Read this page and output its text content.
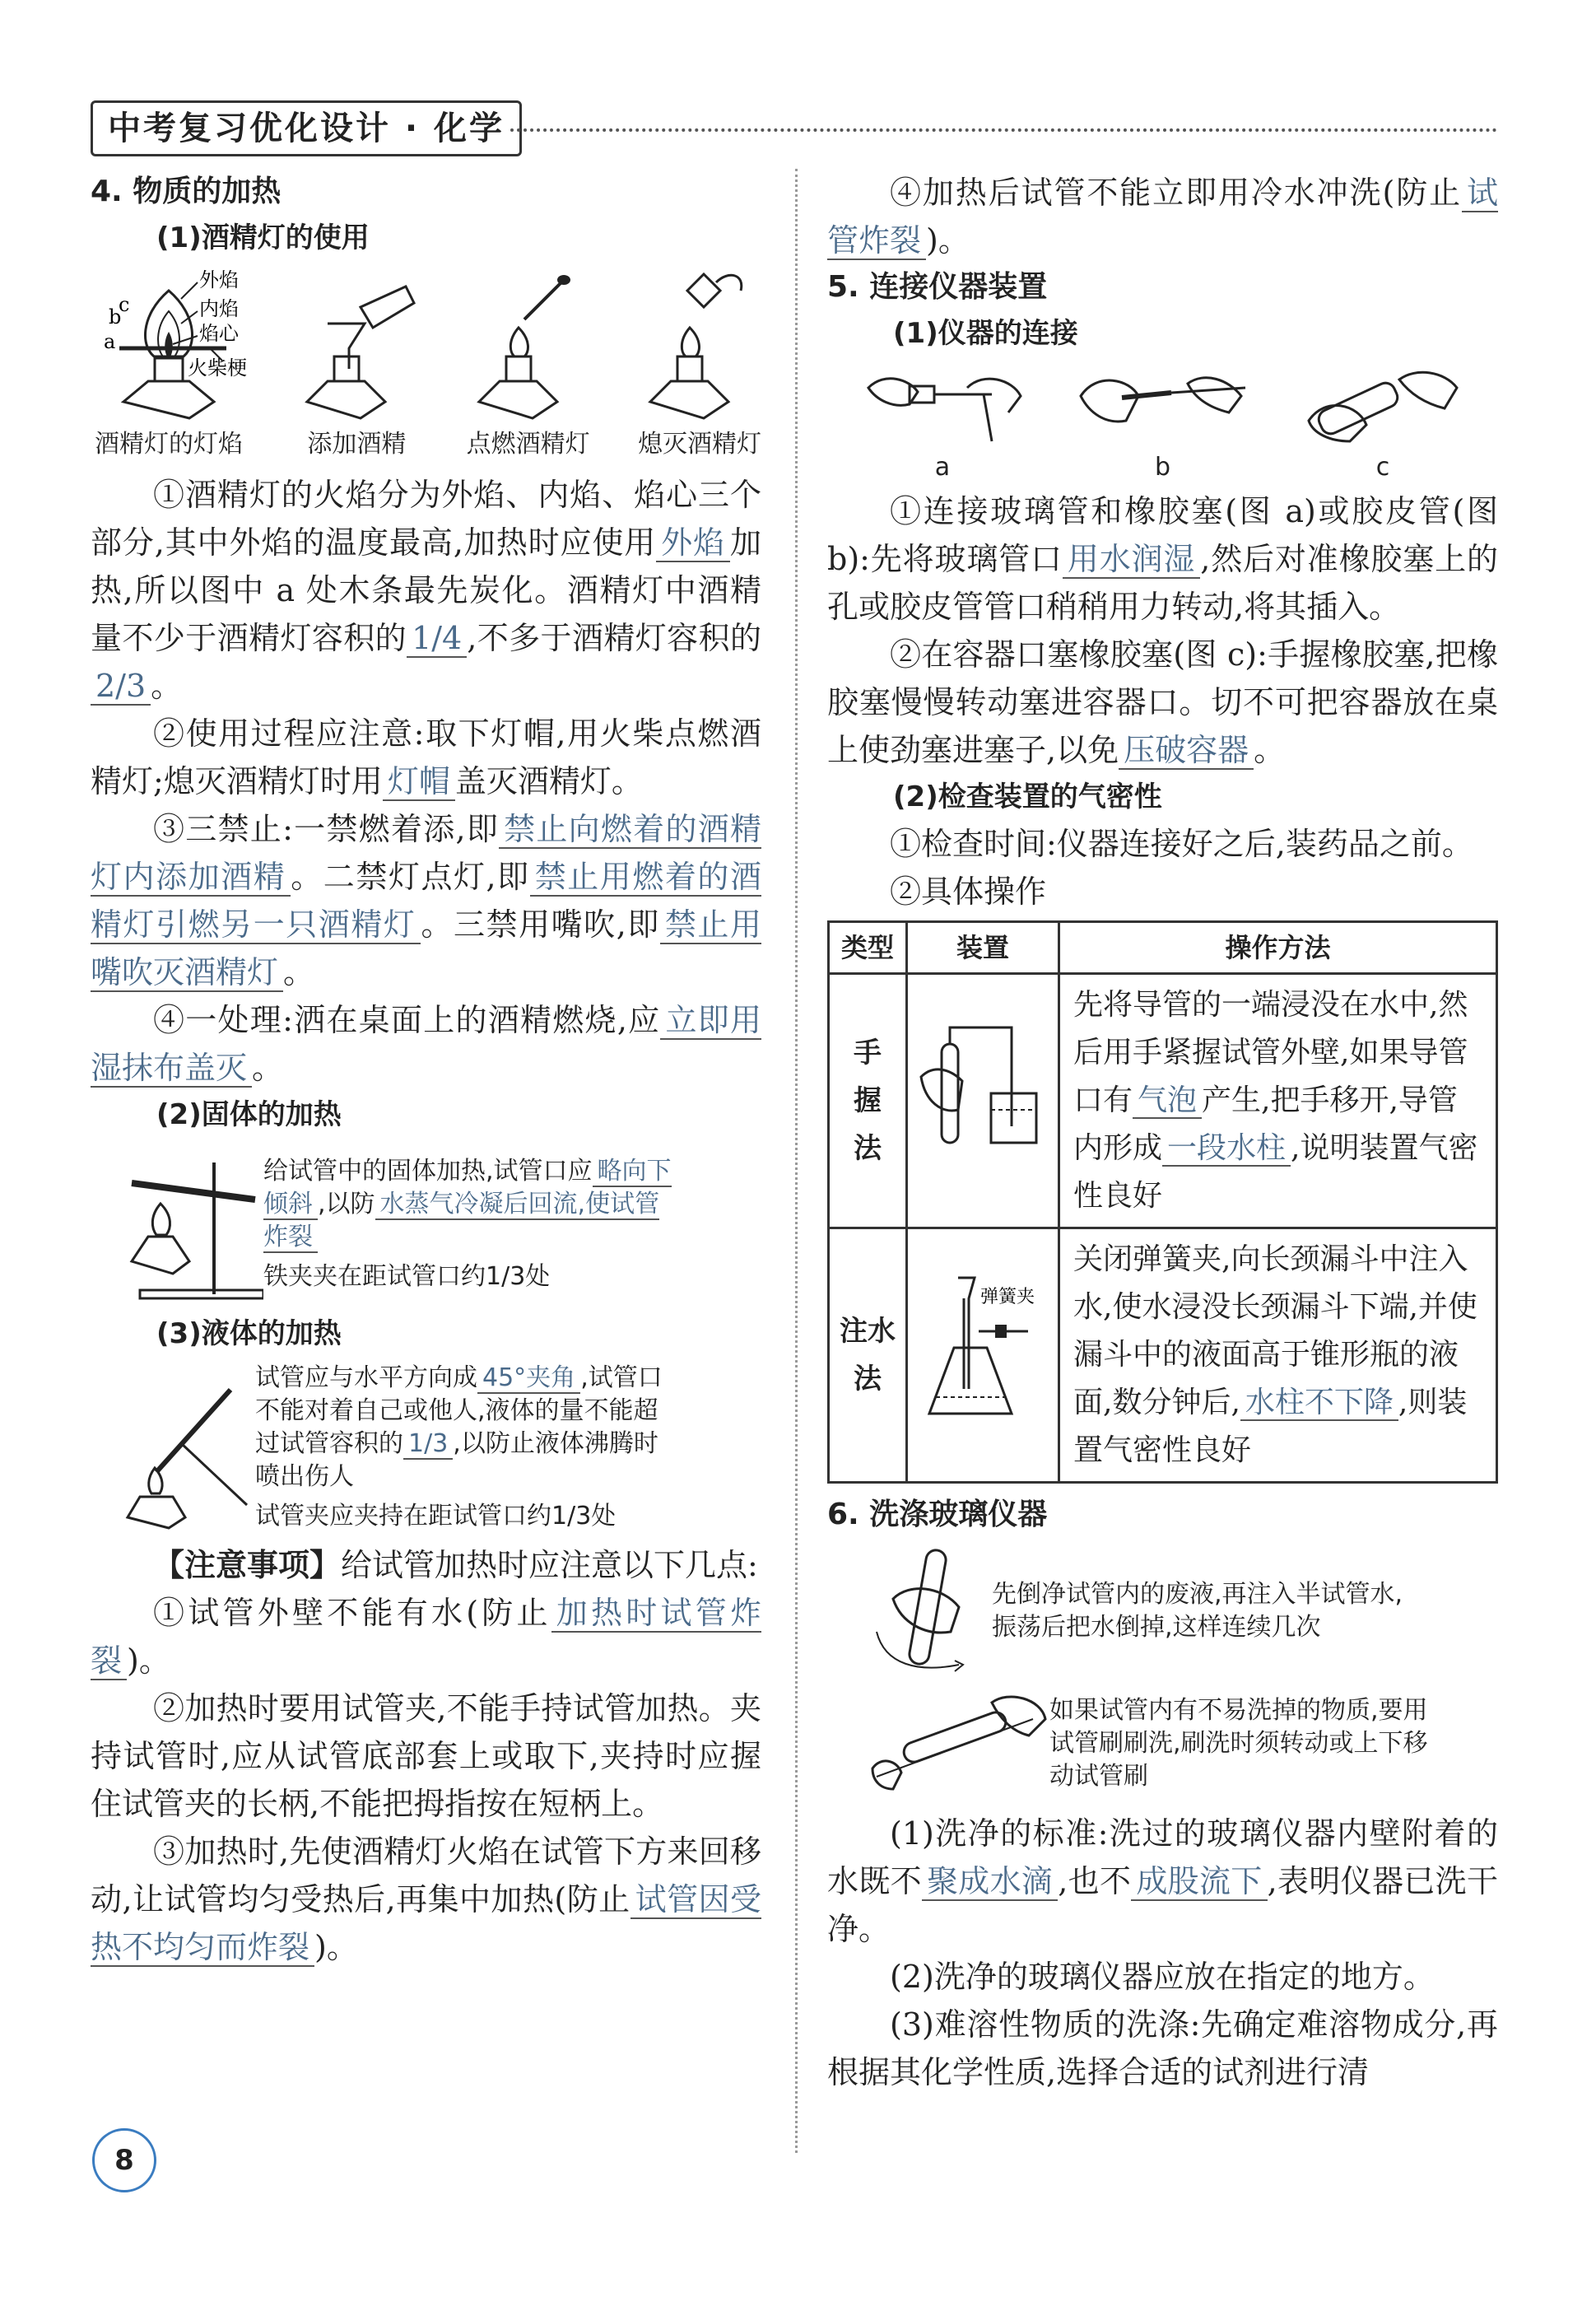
中考复习优化设计 · 化学
4. 物质的加热
(1)酒精灯的使用
外焰
内焰
焰心
火柴梗
b
c
a
酒精灯的灯焰	添加酒精	点燃酒精灯 熄灭酒精灯

①酒精灯的火焰分为外焰、内焰、焰心三个部分,其中外焰的温度最高,加热时应使用 外焰 加热,所以图中 a 处木条最先炭化。酒精灯中酒精量不少于酒精灯容积的 1/4 ,不多于酒精灯容积的2/3 。

②使用过程应注意:取下灯帽,用火柴点燃酒精灯;熄灭酒精灯时用 灯帽 盖灭酒精灯。

③三禁止:一禁燃着添,即 禁止向燃着的酒精灯内添加酒精 。二禁灯点灯,即 禁止用燃着的酒精灯引燃另一只酒精灯 。三禁用嘴吹,即 禁止用嘴吹灭酒精灯 。

④一处理:洒在桌面上的酒精燃烧,应 立即用湿抹布盖灭 。

(2)固体的加热
给试管中的固体加热,试管口应 略向下倾斜 ,以防 水蒸气冷凝后回流,使试管炸裂
铁夹夹在距试管口约1/3处
(3)液体的加热
试管应与水平方向成 45°夹角 ,试管口不能对着自己或他人,液体的量不能超过试管容积的 1/3 ,以防止液体沸腾时喷出伤人
试管夹应夹持在距试管口约1/3处

【注意事项】给试管加热时应注意以下几点:

①试管外壁不能有水(防止 加热时试管炸裂 )。

②加热时要用试管夹,不能手持试管加热。夹持试管时,应从试管底部套上或取下,夹持时应握住试管夹的长柄,不能把拇指按在短柄上。

③加热时,先使酒精灯火焰在试管下方来回移动,让试管均匀受热后,再集中加热(防止 试管因受热不均匀而炸裂 )。

④加热后试管不能立即用冷水冲洗(防止 试管炸裂 )。

5. 连接仪器装置
(1)仪器的连接
a	b	c

①连接玻璃管和橡胶塞(图 a)或胶皮管(图 b):先将玻璃管口 用水润湿 ,然后对准橡胶塞上的孔或胶皮管管口稍稍用力转动,将其插入。

②在容器口塞橡胶塞(图 c):手握橡胶塞,把橡胶塞慢慢转动塞进容器口。切不可把容器放在桌上使劲塞进塞子,以免 压破容器 。

(2)检查装置的气密性

①检查时间:仪器连接好之后,装药品之前。

②具体操作

类型	装置	操作方法

手握法		先将导管的一端浸没在水中,然后用手紧握试管外壁,如果导管口有 气泡 产生,把手移开,导管内形成 一段水柱 ,说明装置气密性良好

注水法	弹簧夹	关闭弹簧夹,向长颈漏斗中注入水,使水浸没长颈漏斗下端,并使漏斗中的液面高于锥形瓶的液面,数分钟后, 水柱不下降 ,则装置气密性良好
6. 洗涤玻璃仪器
先倒净试管内的废液,再注入半试管水,振荡后把水倒掉,这样连续几次
如果试管内有不易洗掉的物质,要用试管刷刷洗,刷洗时须转动或上下移动试管刷

(1)洗净的标准:洗过的玻璃仪器内壁附着的水既不 聚成水滴 ,也不 成股流下 ,表明仪器已洗干净。

(2)洗净的玻璃仪器应放在指定的地方。

(3)难溶性物质的洗涤:先确定难溶物成分,再根据其化学性质,选择合适的试剂进行清

8
